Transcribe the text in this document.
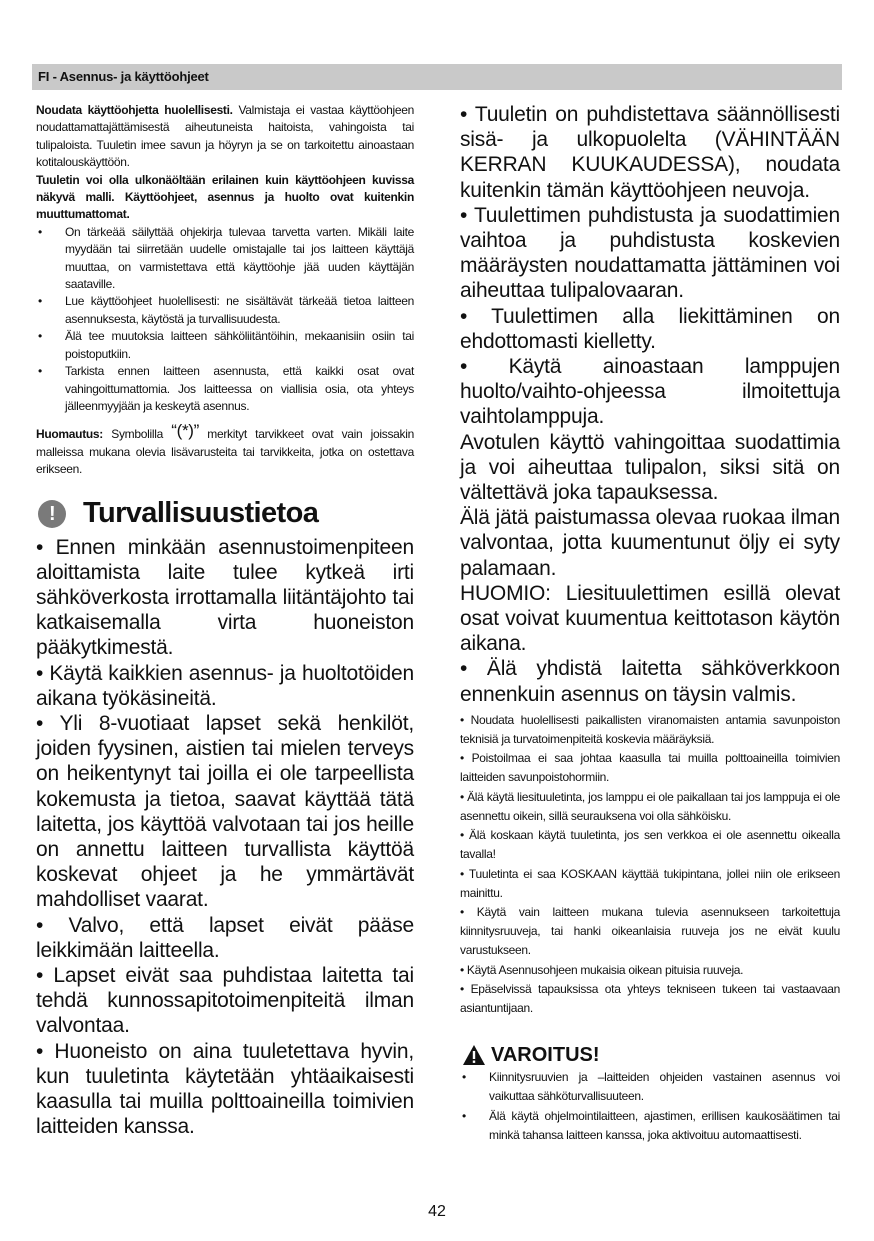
FI - Asennus- ja käyttöohjeet

Noudata käyttöohjetta huolellisesti. Valmistaja ei vastaa käyttöohjeen noudattamattajättämisestä aiheutuneista haitoista, vahingoista tai tulipaloista. Tuuletin imee savun ja höyryn ja se on tarkoitettu ainoastaan kotitalouskäyttöön.

Tuuletin voi olla ulkonäöltään erilainen kuin käyttöohjeen kuvissa näkyvä malli. Käyttöohjeet, asennus ja huolto ovat kuitenkin muuttumattomat.

• On tärkeää säilyttää ohjekirja tulevaa tarvetta varten. Mikäli laite myydään tai siirretään uudelle omistajalle tai jos laitteen käyttäjä muuttaa, on varmistettava että käyttöohje jää uuden käyttäjän saataville.
• Lue käyttöohjeet huolellisesti: ne sisältävät tärkeää tietoa laitteen asennuksesta, käytöstä ja turvallisuudesta.
• Älä tee muutoksia laitteen sähköliitäntöihin, mekaanisiin osiin tai poistoputkiin.
• Tarkista ennen laitteen asennusta, että kaikki osat ovat vahingoittumattomia. Jos laitteessa on viallisia osia, ota yhteys jälleenmyyjään ja keskeytä asennus.

Huomautus: Symbolilla “(*)” merkityt tarvikkeet ovat vain joissakin malleissa mukana olevia lisävarusteita tai tarvikkeita, jotka on ostettava erikseen.

! Turvallisuustietoa

• Ennen minkään asennustoimenpiteen aloittamista laite tulee kytkeä irti sähköverkosta irrottamalla liitäntäjohto tai katkaisemalla virta huoneiston pääkytkimestä.

• Käytä kaikkien asennus- ja huoltotöiden aikana työkäsineitä.

• Yli 8-vuotiaat lapset sekä henkilöt, joiden fyysinen, aistien tai mielen terveys on heikentynyt tai joilla ei ole tarpeellista kokemusta ja tietoa, saavat käyttää tätä laitetta, jos käyttöä valvotaan tai jos heille on annettu laitteen turvallista käyttöä koskevat ohjeet ja he ymmärtävät mahdolliset vaarat.

• Valvo, että lapset eivät pääse leikkimään laitteella.

• Lapset eivät saa puhdistaa laitetta tai tehdä kunnossapitotoimenpiteitä ilman valvontaa.

• Huoneisto on aina tuuletettava hyvin, kun tuuletinta käytetään yhtäaikaisesti kaasulla tai muilla polttoaineilla toimivien laitteiden kanssa.

• Tuuletin on puhdistettava säännöllisesti sisä- ja ulkopuolelta (VÄHINTÄÄN KERRAN KUUKAUDESSA), noudata kuitenkin tämän käyttöohjeen neuvoja.

• Tuulettimen puhdistusta ja suodattimien vaihtoa ja puhdistusta koskevien määräysten noudattamatta jättäminen voi aiheuttaa tulipalovaaran.

• Tuulettimen alla liekittäminen on ehdottomasti kielletty.

• Käytä ainoastaan lamppujen huolto/vaihto-ohjeessa ilmoitettuja vaihtolamppuja.

Avotulen käyttö vahingoittaa suodattimia ja voi aiheuttaa tulipalon, siksi sitä on vältettävä joka tapauksessa.

Älä jätä paistumassa olevaa ruokaa ilman valvontaa, jotta kuumentunut öljy ei syty palamaan.

HUOMIO: Liesituulettimen esillä olevat osat voivat kuumentua keittotason käytön aikana.

• Älä yhdistä laitetta sähköverkkoon ennenkuin asennus on täysin valmis.

• Noudata huolellisesti paikallisten viranomaisten antamia savunpoiston teknisiä ja turvatoimenpiteitä koskevia määräyksiä.

• Poistoilmaa ei saa johtaa kaasulla tai muilla polttoaineilla toimivien laitteiden savunpoistohormiin.

• Älä käytä liesituuletinta, jos lamppu ei ole paikallaan tai jos lamppuja ei ole asennettu oikein, sillä seurauksena voi olla sähköisku.

• Älä koskaan käytä tuuletinta, jos sen verkkoa ei ole asennettu oikealla tavalla!

• Tuuletinta ei saa KOSKAAN käyttää tukipintana, jollei niin ole erikseen mainittu.

• Käytä vain laitteen mukana tulevia asennukseen tarkoitettuja kiinnitysruuveja, tai hanki oikeanlaisia ruuveja jos ne eivät kuulu varustukseen.

• Käytä Asennusohjeen mukaisia oikean pituisia ruuveja.

• Epäselvissä tapauksissa ota yhteys tekniseen tukeen tai vastaavaan asiantuntijaan.

VAROITUS!
• Kiinnitysruuvien ja –laitteiden ohjeiden vastainen asennus voi vaikuttaa sähköturvallisuuteen.
• Älä käytä ohjelmointilaitteen, ajastimen, erillisen kaukosäätimen tai minkä tahansa laitteen kanssa, joka aktivoituu automaattisesti.
42
